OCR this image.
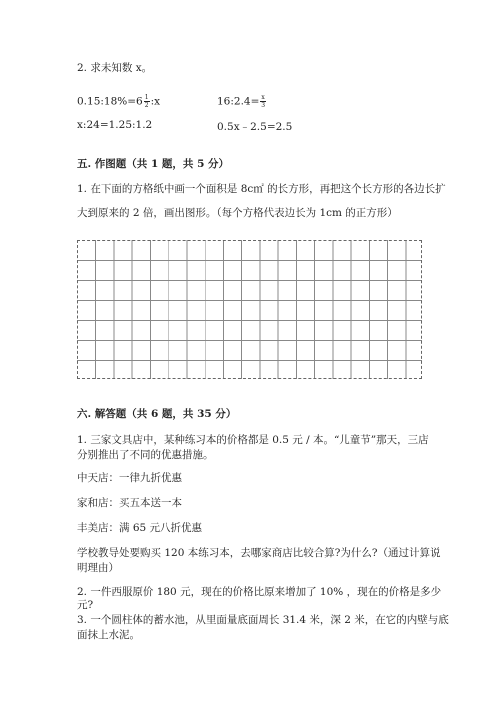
2. 求未知数 x。
0.15:18%=6 $\frac{1}{2}$ :x	16:2.4= $\frac{x}{3}$
x:24=1.25:1.2	0.5x﹣2.5=2.5
五. 作图题（共 1 题，共 5 分）
1. 在下面的方格纸中画一个面积是 8c㎡ 的长方形，再把这个长方形的各边长扩
大到原来的 2 倍，画出图形。（每个方格代表边长为 1cm 的正方形）
六. 解答题（共 6 题，共 35 分）
1. 三家文具店中，某种练习本的价格都是 0.5 元 / 本。“儿童节”那天，三店
分别推出了不同的优惠措施。
中天店：一律九折优惠
家和店：买五本送一本
丰美店：满 65 元八折优惠
学校教导处要购买 120 本练习本，去哪家商店比较合算?为什么?（通过计算说
明理由）
2. 一件西服原价 180 元，现在的价格比原来增加了 10% ，现在的价格是多少
元?
3. 一个圆柱体的蓄水池，从里面量底面周长 31.4 米，深 2 米，在它的内壁与底
面抹上水泥。
